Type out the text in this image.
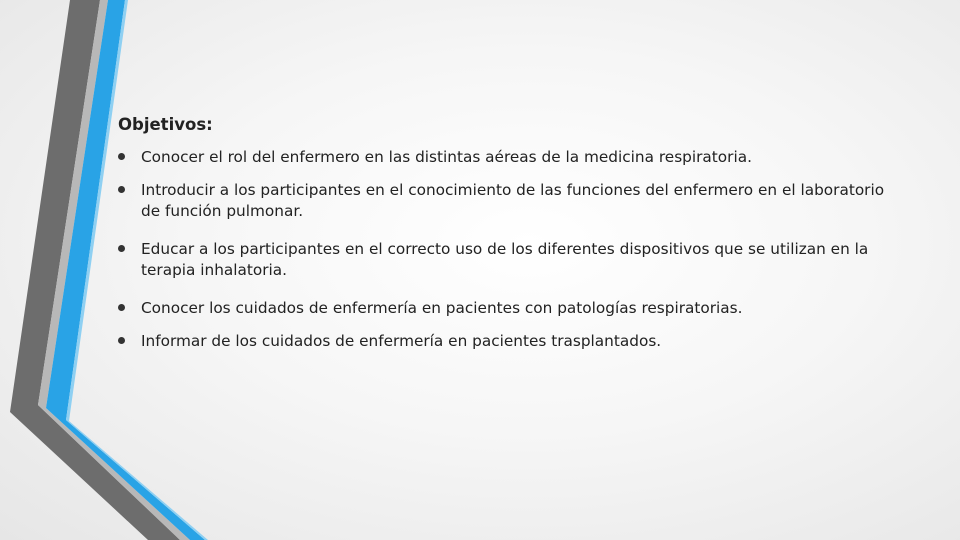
Objetivos:
Conocer el rol del enfermero en las distintas aéreas de la medicina respiratoria.
Introducir a los participantes en el conocimiento de las funciones del enfermero en el laboratorio de función pulmonar.
Educar a los participantes en el correcto uso de los diferentes dispositivos que se utilizan en la terapia inhalatoria.
Conocer los cuidados de enfermería en pacientes con patologías respiratorias.
Informar de los cuidados de enfermería en pacientes trasplantados.
